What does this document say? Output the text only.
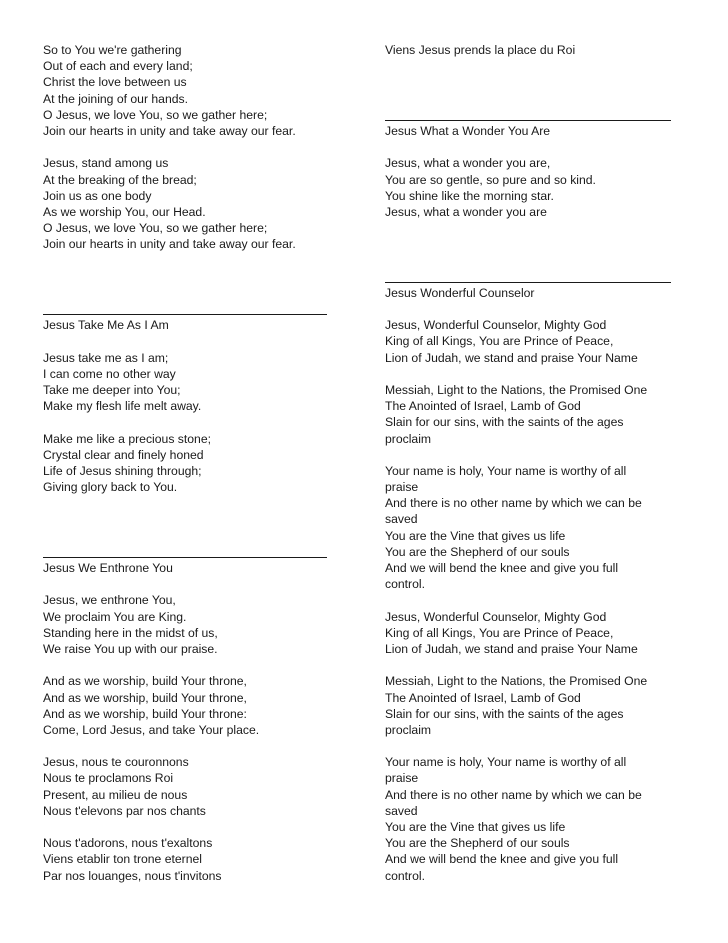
So to You we're gathering
Out of each and every land;
Christ the love between us
At the joining of our hands.
O Jesus, we love You, so we gather here;
Join our hearts in unity and take away our fear.
Jesus, stand among us
At the breaking of the bread;
Join us as one body
As we worship You, our Head.
O Jesus, we love You, so we gather here;
Join our hearts in unity and take away our fear.
Jesus Take Me As I Am
Jesus take me as I am;
I can come no other way
Take me deeper into You;
Make my flesh life melt away.
Make me like a precious stone;
Crystal clear and finely honed
Life of Jesus shining through;
Giving glory back to You.
Jesus We Enthrone You
Jesus, we enthrone You,
We proclaim You are King.
Standing here in the midst of us,
We raise You up with our praise.
And as we worship, build Your throne,
And as we worship, build Your throne,
And as we worship, build Your throne:
Come, Lord Jesus, and take Your place.
Jesus, nous te couronnons
Nous te proclamons Roi
Present, au milieu de nous
Nous t'elevons par nos chants
Nous t'adorons, nous t'exaltons
Viens etablir ton trone eternel
Par nos louanges, nous t'invitons
Viens Jesus prends la place du Roi
Jesus What a Wonder You Are
Jesus, what a wonder you are,
You are so gentle, so pure and so kind.
You shine like the morning star.
Jesus, what a wonder you are
Jesus Wonderful Counselor
Jesus, Wonderful Counselor, Mighty God
King of all Kings, You are Prince of Peace,
Lion of Judah, we stand and praise Your Name
Messiah, Light to the Nations, the Promised One
The Anointed of Israel, Lamb of God
Slain for our sins, with the saints of the ages
proclaim
Your name is holy, Your name is worthy of all
praise
And there is no other name by which we can be
saved
You are the Vine that gives us life
You are the Shepherd of our souls
And we will bend the knee and give you full
control.
Jesus, Wonderful Counselor, Mighty God
King of all Kings, You are Prince of Peace,
Lion of Judah, we stand and praise Your Name
Messiah, Light to the Nations, the Promised One
The Anointed of Israel, Lamb of God
Slain for our sins, with the saints of the ages
proclaim
Your name is holy, Your name is worthy of all
praise
And there is no other name by which we can be
saved
You are the Vine that gives us life
You are the Shepherd of our souls
And we will bend the knee and give you full
control.
